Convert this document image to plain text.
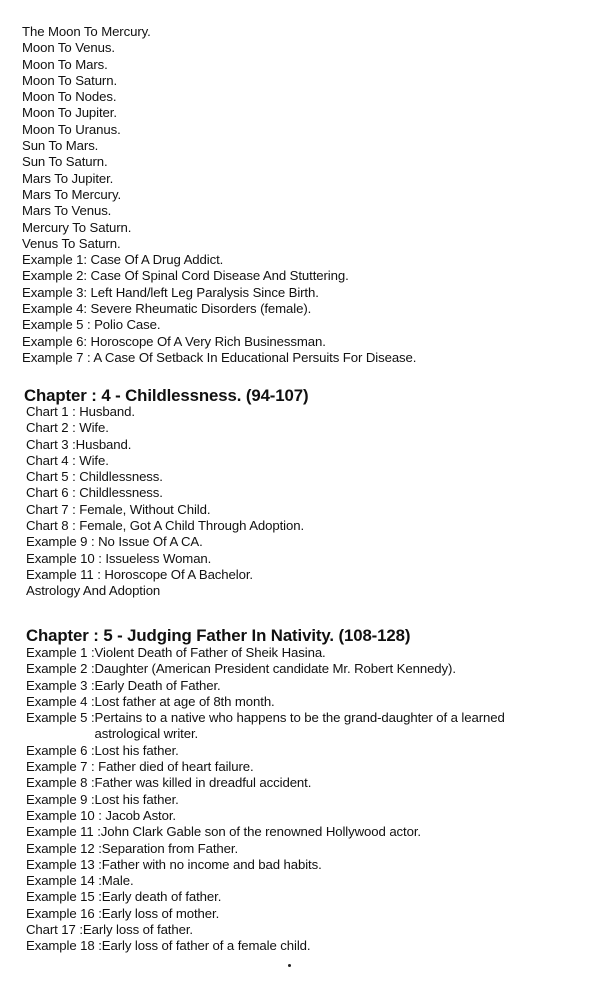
The Moon To Mercury.
Moon To Venus.
Moon To Mars.
Moon To Saturn.
Moon To Nodes.
Moon To Jupiter.
Moon To Uranus.
Sun To Mars.
Sun To Saturn.
Mars To Jupiter.
Mars To Mercury.
Mars To Venus.
Mercury To Saturn.
Venus To Saturn.
Example 1: Case Of A Drug Addict.
Example 2: Case Of Spinal Cord Disease And Stuttering.
Example 3: Left Hand/left Leg Paralysis Since Birth.
Example 4: Severe Rheumatic Disorders (female).
Example 5 : Polio Case.
Example 6: Horoscope Of A Very Rich Businessman.
Example 7 : A Case Of Setback In Educational Persuits For Disease.
Chapter : 4 - Childlessness. (94-107)
Chart 1 : Husband.
Chart 2 : Wife.
Chart 3 :Husband.
Chart 4 : Wife.
Chart 5 : Childlessness.
Chart 6 : Childlessness.
Chart 7 : Female, Without Child.
Chart 8 : Female, Got A Child Through Adoption.
Example 9 : No Issue Of A CA.
Example 10 : Issueless Woman.
Example 11 : Horoscope Of A Bachelor.
Astrology And Adoption
Chapter : 5 - Judging Father In Nativity. (108-128)
Example 1 : Violent Death of Father of Sheik Hasina.
Example 2 : Daughter (American President candidate Mr. Robert Kennedy).
Example 3 : Early Death of Father.
Example 4 : Lost father at age of 8th month.
Example 5 : Pertains to a native who happens to be the grand-daughter of a learned astrological writer.
Example 6 : Lost his father.
Example 7 : Father died of heart failure.
Example 8 : Father was killed in dreadful accident.
Example 9 : Lost his father.
Example 10 : Jacob Astor.
Example 11 : John Clark Gable son of the renowned Hollywood actor.
Example 12 : Separation from Father.
Example 13 : Father with no income and bad habits.
Example 14 : Male.
Example 15 : Early death of father.
Example 16 : Early loss of mother.
Chart 17 : Early loss of father.
Example 18 : Early loss of father of a female child.
